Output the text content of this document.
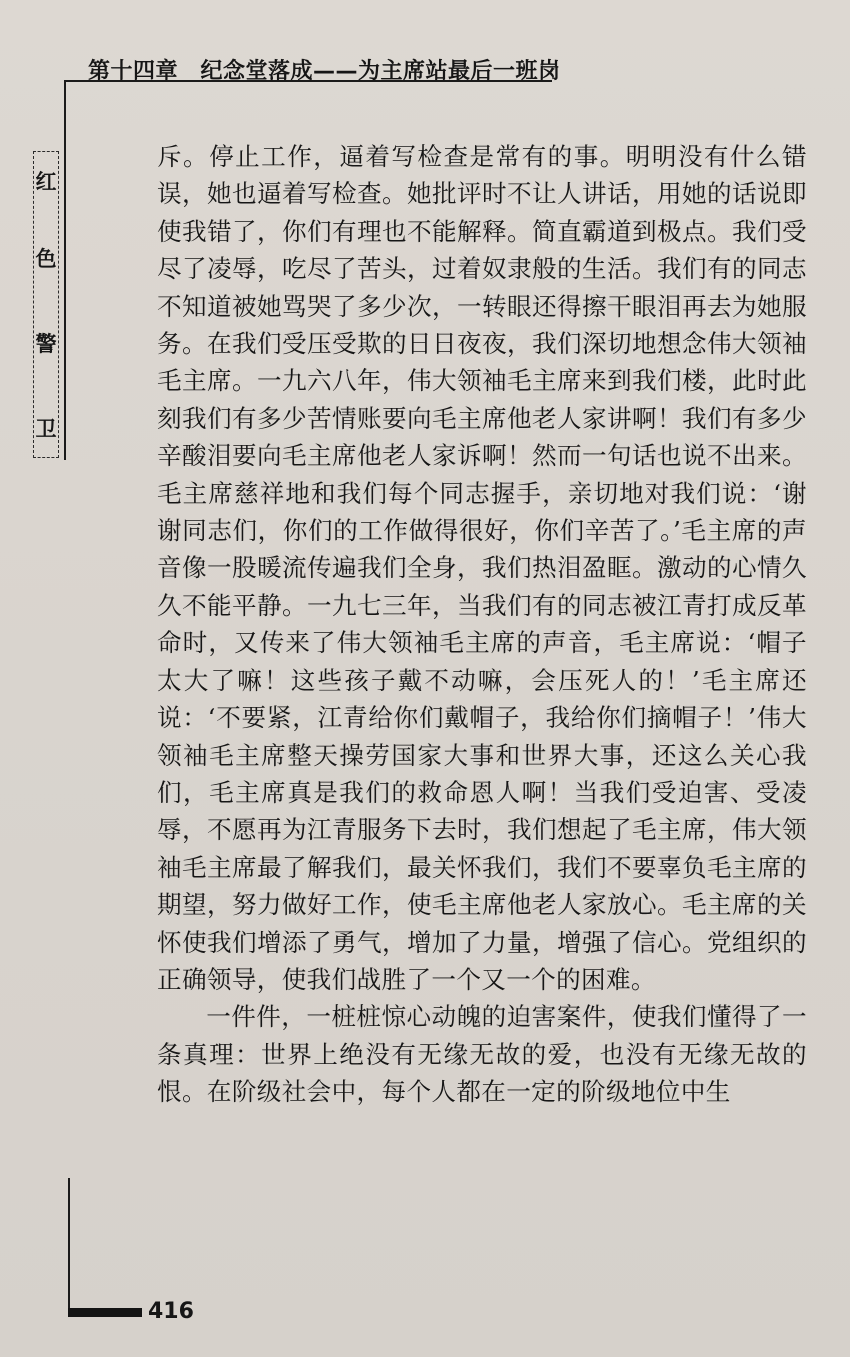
第十四章　纪念堂落成——为主席站最后一班岗
红
色
警
卫

斥。停止工作，逼着写检查是常有的事。明明没有什么错误，她也逼着写检查。她批评时不让人讲话，用她的话说即使我错了，你们有理也不能解释。简直霸道到极点。我们受尽了凌辱，吃尽了苦头，过着奴隶般的生活。我们有的同志不知道被她骂哭了多少次，一转眼还得擦干眼泪再去为她服务。在我们受压受欺的日日夜夜，我们深切地想念伟大领袖毛主席。一九六八年，伟大领袖毛主席来到我们楼，此时此刻我们有多少苦情账要向毛主席他老人家讲啊！我们有多少辛酸泪要向毛主席他老人家诉啊！然而一句话也说不出来。毛主席慈祥地和我们每个同志握手，亲切地对我们说：‘谢谢同志们，你们的工作做得很好，你们辛苦了。’毛主席的声音像一股暖流传遍我们全身，我们热泪盈眶。激动的心情久久不能平静。一九七三年，当我们有的同志被江青打成反革命时，又传来了伟大领袖毛主席的声音，毛主席说：‘帽子太大了嘛！这些孩子戴不动嘛，会压死人的！’毛主席还说：‘不要紧，江青给你们戴帽子，我给你们摘帽子！’伟大领袖毛主席整天操劳国家大事和世界大事，还这么关心我们，毛主席真是我们的救命恩人啊！当我们受迫害、受凌辱，不愿再为江青服务下去时，我们想起了毛主席，伟大领袖毛主席最了解我们，最关怀我们，我们不要辜负毛主席的期望，努力做好工作，使毛主席他老人家放心。毛主席的关怀使我们增添了勇气，增加了力量，增强了信心。党组织的正确领导，使我们战胜了一个又一个的困难。

一件件，一桩桩惊心动魄的迫害案件，使我们懂得了一条真理：世界上绝没有无缘无故的爱，也没有无缘无故的恨。在阶级社会中，每个人都在一定的阶级地位中生

416
